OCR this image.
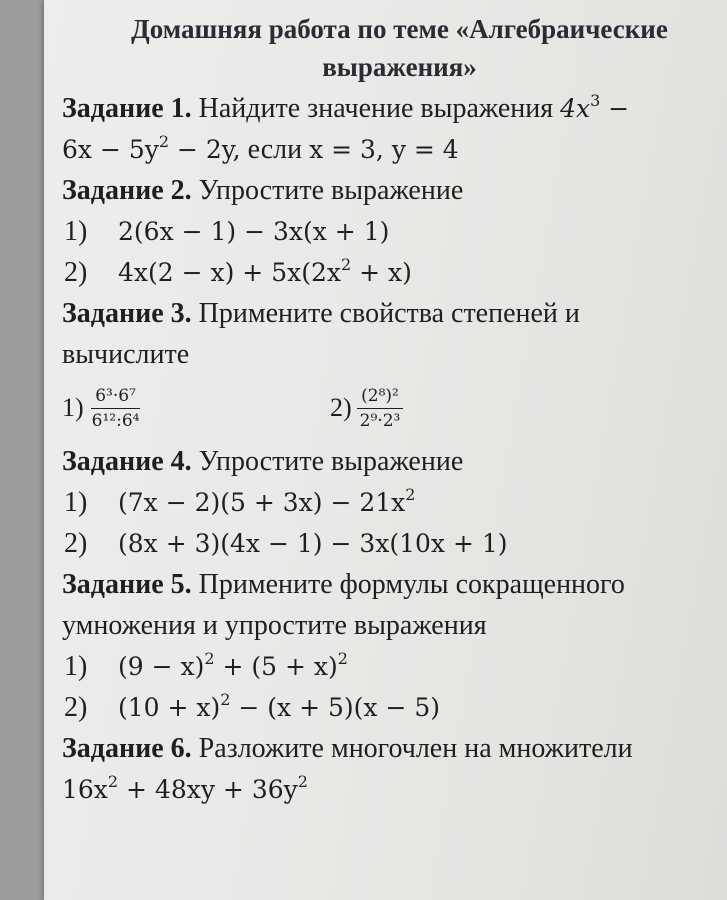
Домашняя работа по теме «Алгебраические
выражения»
Задание 1. Найдите значение выражения $4x^3$ −
$6x - 5y^2 - 2y$, если x = 3, y = 4
Задание 2. Упростите выражение
1) 2(6x − 1) − 3x(x + 1)
2) $4x(2 - x) + 5x(2x^2 + x)$
Задание 3. Примените свойства степеней и
вычислите
$1) \frac{\text{6³·6⁷}}{\text{6¹²:6⁴}}$	$2) \frac{\text{(2⁸)²}}{\text{2⁹·2³}}$
Задание 4. Упростите выражение
1) $(7x - 2)(5 + 3x) - 21x^2$
2) (8x + 3)(4x − 1) − 3x(10x + 1)
Задание 5. Примените формулы сокращенного
умножения и упростите выражения
1) $(9 - x)^2 + (5 + x)^2$
2) $(10 + x)^2 - (x + 5)(x - 5)$
Задание 6. Разложите многочлен на множители
$16x^2 + 48xy + 36y^2$
